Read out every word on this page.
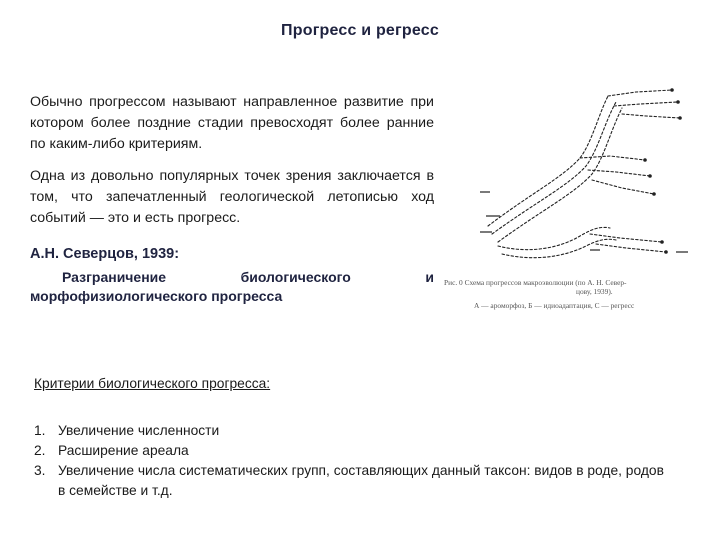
Прогресс и регресс
Обычно прогрессом называют направленное развитие при котором более поздние стадии превосходят более ранние по каким-либо критериям.
Одна из довольно популярных точек зрения заключается в том, что запечатленный геологической летописью ход событий — это и есть прогресс.
А.Н. Северцов, 1939:
Разграничение биологического и
морфофизиологического прогресса
Рис. 0 Схема прогрессов макроэволюции (по А. Н. Север-
цову, 1939).
А — ароморфоз, Б — идиоадаптация, С — регресс
Критерии биологического прогресса:
1. Увеличение численности
2. Расширение ареала
3. Увеличение числа систематических групп, составляющих данный таксон: видов в роде, родов в семействе и т.д.
